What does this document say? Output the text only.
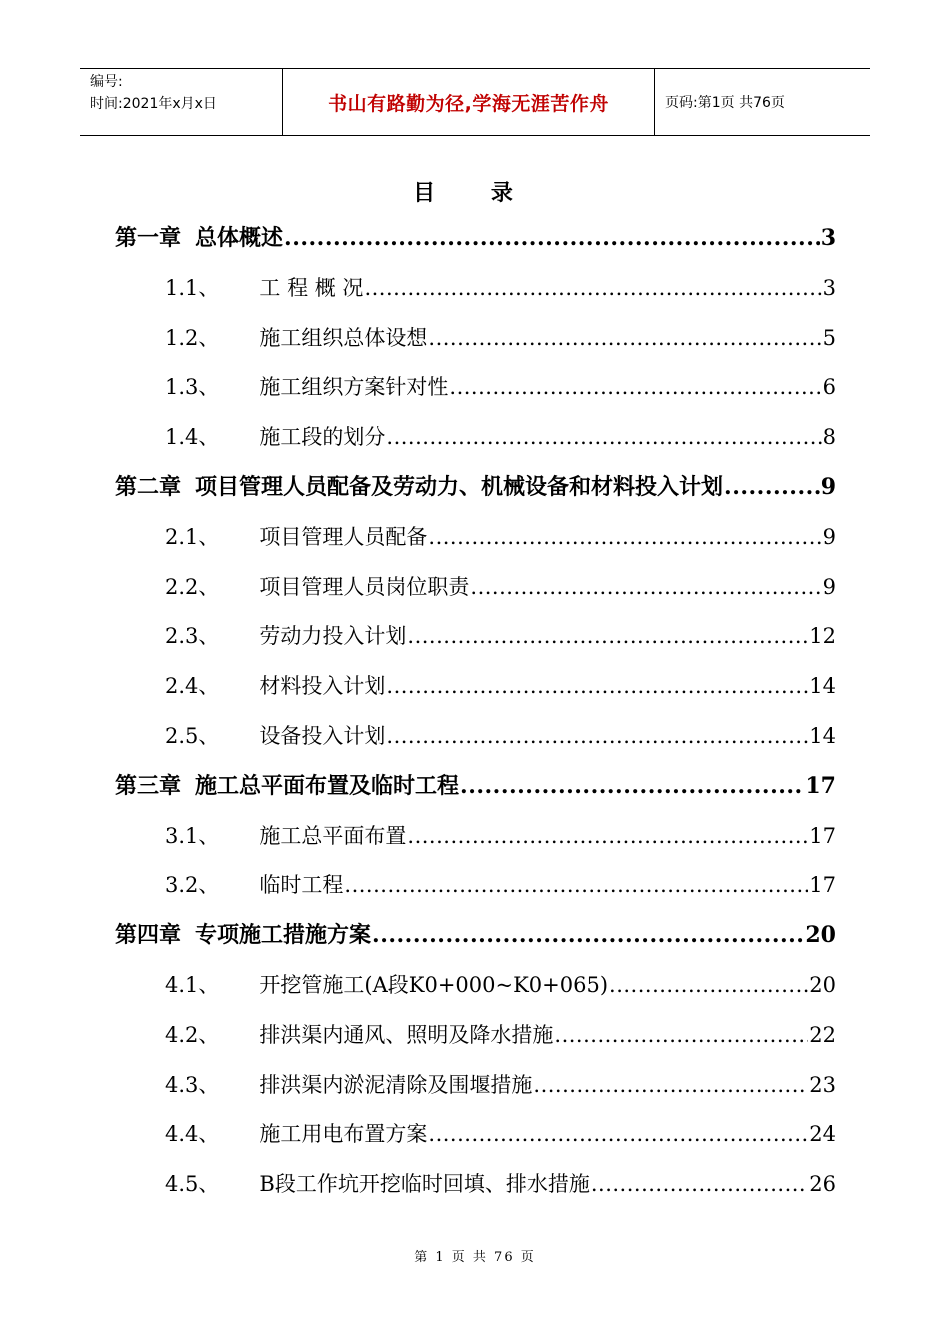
编号:
时间:2021年x月x日	书山有路勤为径,学海无涯苦作舟	页码:第1页 共76页
目 录
第一章 总体概述 .....	3
1.1、 工 程 概 况 .....	3
1.2、 施工组织总体设想 .....	5
1.3、 施工组织方案针对性 .....	6
1.4、 施工段的划分 .....	8
第二章 项目管理人员配备及劳动力、机械设备和材料投入计划 .....	9
2.1、 项目管理人员配备 .....	9
2.2、 项目管理人员岗位职责 .....	9
2.3、 劳动力投入计划 .....	12
2.4、 材料投入计划 .....	14
2.5、 设备投入计划 .....	14
第三章 施工总平面布置及临时工程 .....	17
3.1、 施工总平面布置 .....	17
3.2、 临时工程 .....	17
第四章 专项施工措施方案 .....	20
4.1、 开挖管施工(A段K0+000~K0+065) .....	20
4.2、 排洪渠内通风、照明及降水措施 .....	22
4.3、 排洪渠内淤泥清除及围堰措施 .....	23
4.4、 施工用电布置方案 .....	24
4.5、 B段工作坑开挖临时回填、排水措施 .....	26
第 1 页 共 76 页
